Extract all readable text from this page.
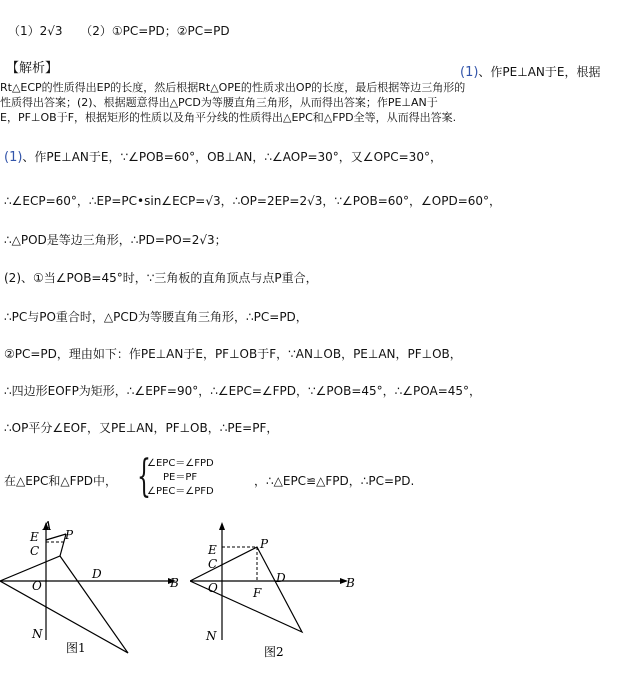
（1）2√3 （2）①PC=PD；②PC=PD
【解析】	(1)、作PE⊥AN于E，根据
Rt△ECP的性质得出EP的长度，然后根据Rt△OPE的性质求出OP的长度，最后根据等边三角形的
性质得出答案；(2)、根据题意得出△PCD为等腰直角三角形，从而得出答案；作PE⊥AN于
E，PF⊥OB于F，根据矩形的性质以及角平分线的性质得出△EPC和△FPD全等，从而得出答案.
(1)、作PE⊥AN于E，∵∠POB=60°，OB⊥AN，∴∠AOP=30°，又∠OPC=30°，
∴∠ECP=60°，∴EP=PC•sin∠ECP=√3，∴OP=2EP=2√3，∵∠POB=60°，∠OPD=60°，
∴△POD是等边三角形，∴PD=PO=2√3；
(2)、①当∠POB=45°时，∵三角板的直角顶点与点P重合，
∴PC与PO重合时，△PCD为等腰直角三角形，∴PC=PD，
②PC=PD，理由如下：作PE⊥AN于E，PF⊥OB于F，∵AN⊥OB，PE⊥AN，PF⊥OB，
∴四边形EOFP为矩形，∴∠EPF=90°，∴∠EPC=∠FPD，∵∠POB=45°，∴∠POA=45°，
∴OP平分∠EOF，又PE⊥AN，PF⊥OB，∴PE=PF，
在△EPC和△FPD中， {
∠EPC＝∠FPD
PE＝PF
∠PEC＝∠PFD
，∴△EPC≌△FPD，∴PC=PD.
A
E
C
P
O
D
B
N
图1
E
C
P
O
D
F
B
N
图2
